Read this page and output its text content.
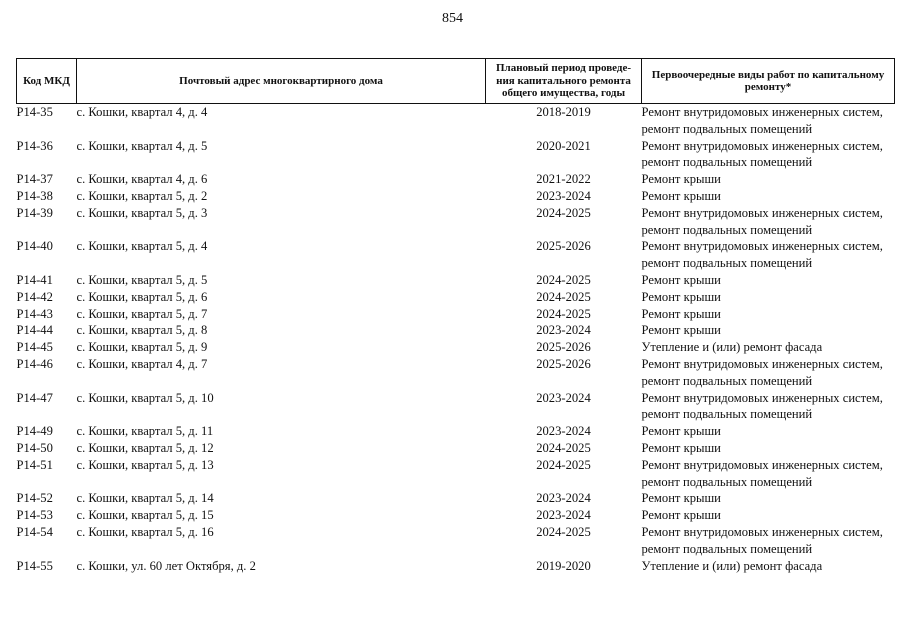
854
Код МКД	Почтовый адрес многоквартирного дома	Плановый период проведе-
ния капитального ремонта
общего имущества, годы	Первоочередные виды работ по капитальному
ремонту*

P14-35	с. Кошки, квартал 4, д. 4	2018-2019	Ремонт внутридомовых инженерных систем,
ремонт подвальных помещений

P14-36	с. Кошки, квартал 4, д. 5	2020-2021	Ремонт внутридомовых инженерных систем,
ремонт подвальных помещений

P14-37	с. Кошки, квартал 4, д. 6	2021-2022	Ремонт крыши

P14-38	с. Кошки, квартал 5, д. 2	2023-2024	Ремонт крыши

P14-39	с. Кошки, квартал 5, д. 3	2024-2025	Ремонт внутридомовых инженерных систем,
ремонт подвальных помещений

P14-40	с. Кошки, квартал 5, д. 4	2025-2026	Ремонт внутридомовых инженерных систем,
ремонт подвальных помещений

P14-41	с. Кошки, квартал 5, д. 5	2024-2025	Ремонт крыши

P14-42	с. Кошки, квартал 5, д. 6	2024-2025	Ремонт крыши

P14-43	с. Кошки, квартал 5, д. 7	2024-2025	Ремонт крыши

P14-44	с. Кошки, квартал 5, д. 8	2023-2024	Ремонт крыши

P14-45	с. Кошки, квартал 5, д. 9	2025-2026	Утепление и (или) ремонт фасада

P14-46	с. Кошки, квартал 4, д. 7	2025-2026	Ремонт внутридомовых инженерных систем,
ремонт подвальных помещений

P14-47	с. Кошки, квартал 5, д. 10	2023-2024	Ремонт внутридомовых инженерных систем,
ремонт подвальных помещений

P14-49	с. Кошки, квартал 5, д. 11	2023-2024	Ремонт крыши

P14-50	с. Кошки, квартал 5, д. 12	2024-2025	Ремонт крыши

P14-51	с. Кошки, квартал 5, д. 13	2024-2025	Ремонт внутридомовых инженерных систем,
ремонт подвальных помещений

P14-52	с. Кошки, квартал 5, д. 14	2023-2024	Ремонт крыши

P14-53	с. Кошки, квартал 5, д. 15	2023-2024	Ремонт крыши

P14-54	с. Кошки, квартал 5, д. 16	2024-2025	Ремонт внутридомовых инженерных систем,
ремонт подвальных помещений

P14-55	с. Кошки, ул. 60 лет Октября, д. 2	2019-2020	Утепление и (или) ремонт фасада
